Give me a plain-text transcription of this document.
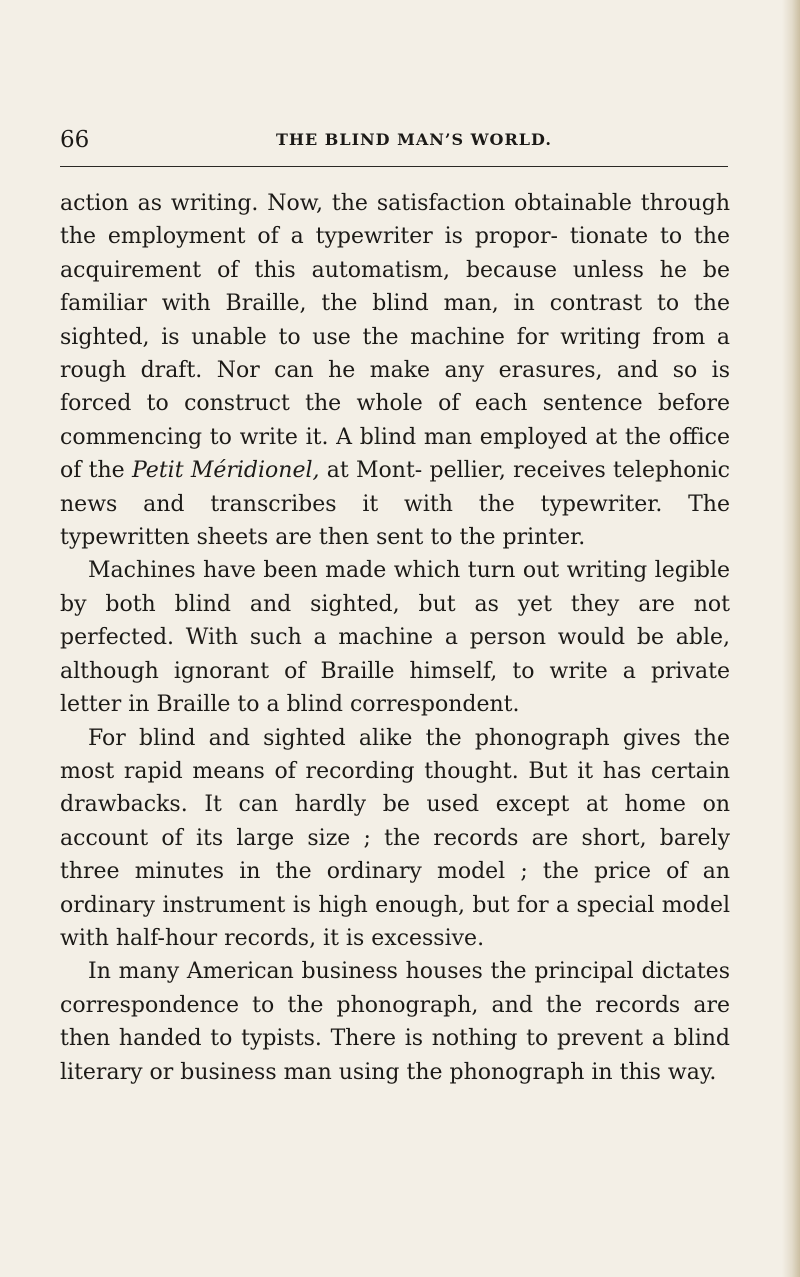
66	THE BLIND MAN’S WORLD.

action as writing. Now, the satisfaction obtainable through the employment of a typewriter is propor- tionate to the acquirement of this automatism, because unless he be familiar with Braille, the blind man, in contrast to the sighted, is unable to use the machine for writing from a rough draft. Nor can he make any erasures, and so is forced to construct the whole of each sentence before commencing to write it. A blind man employed at the office of the Petit Méridionel, at Mont- pellier, receives telephonic news and transcribes it with the typewriter. The typewritten sheets are then sent to the printer.

Machines have been made which turn out writing legible by both blind and sighted, but as yet they are not perfected. With such a machine a person would be able, although ignorant of Braille himself, to write a private letter in Braille to a blind correspondent.

For blind and sighted alike the phonograph gives the most rapid means of recording thought. But it has certain drawbacks. It can hardly be used except at home on account of its large size ; the records are short, barely three minutes in the ordinary model ; the price of an ordinary instrument is high enough, but for a special model with half-hour records, it is excessive.

In many American business houses the principal dictates correspondence to the phonograph, and the records are then handed to typists. There is nothing to prevent a blind literary or business man using the phonograph in this way.
